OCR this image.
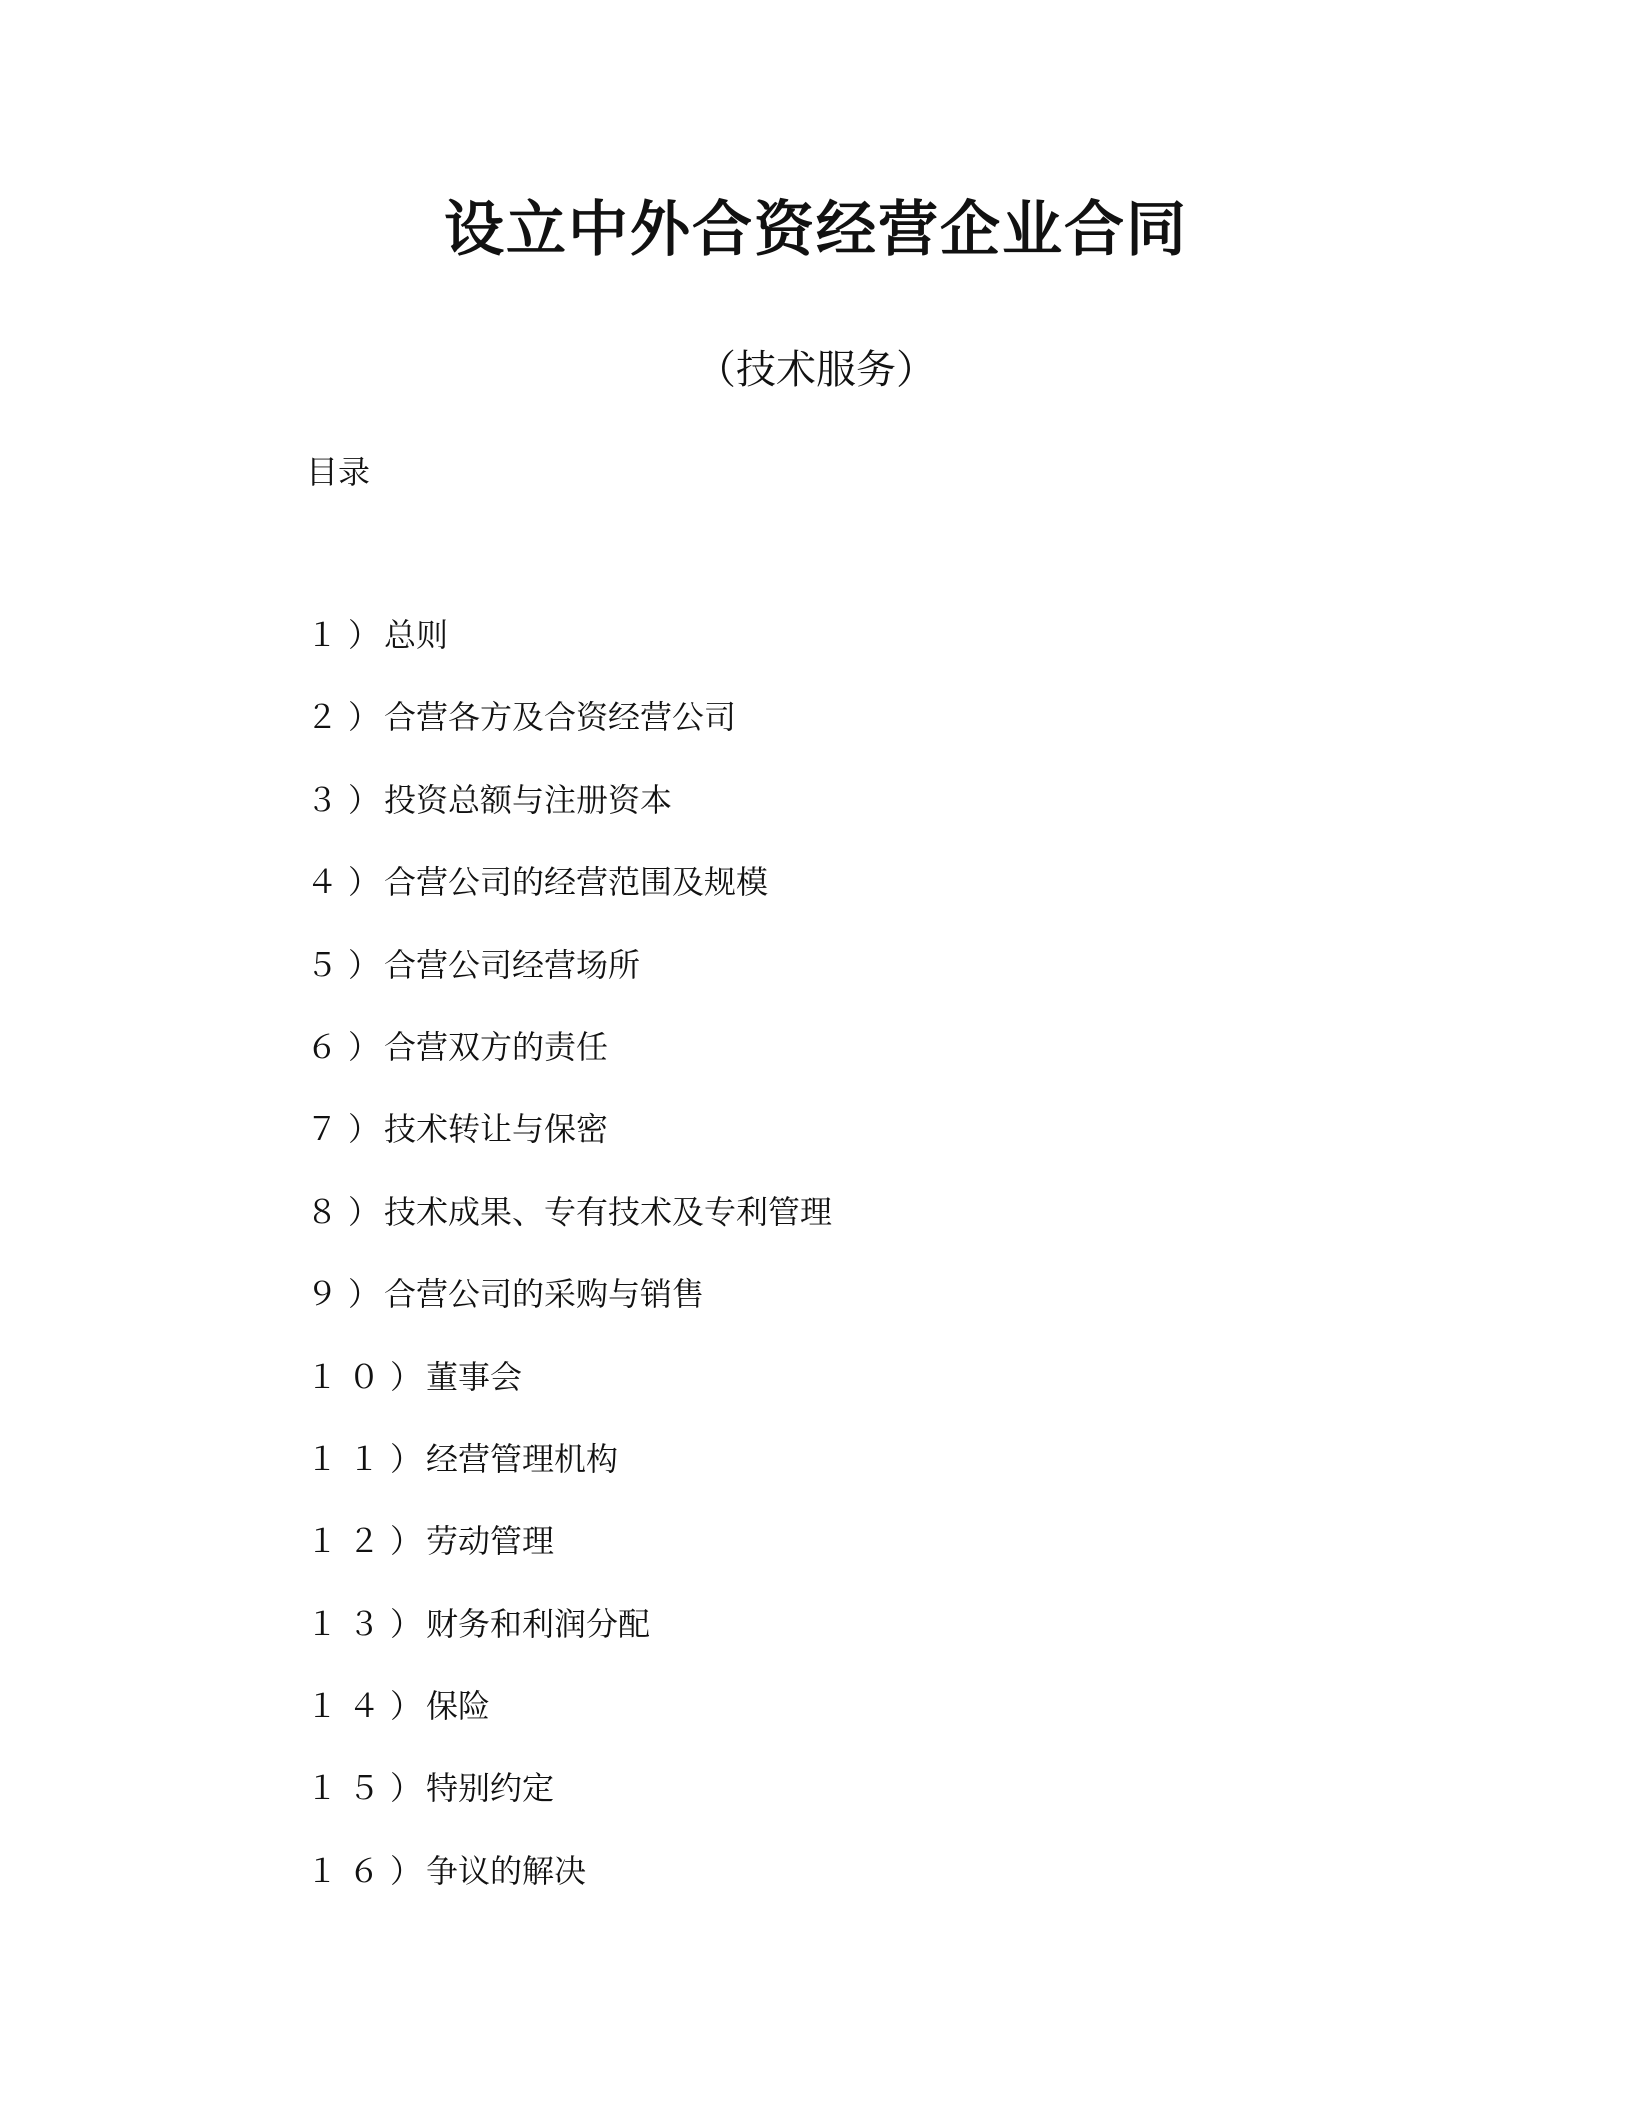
设立中外合资经营企业合同
（技术服务）
目录
１） 总则
２） 合营各方及合资经营公司
３） 投资总额与注册资本
４） 合营公司的经营范围及规模
５） 合营公司经营场所
６） 合营双方的责任
７） 技术转让与保密
８） 技术成果、专有技术及专利管理
９） 合营公司的采购与销售
１０） 董事会
１１） 经营管理机构
１２） 劳动管理
１３） 财务和利润分配
１４） 保险
１５） 特别约定
１６） 争议的解决
